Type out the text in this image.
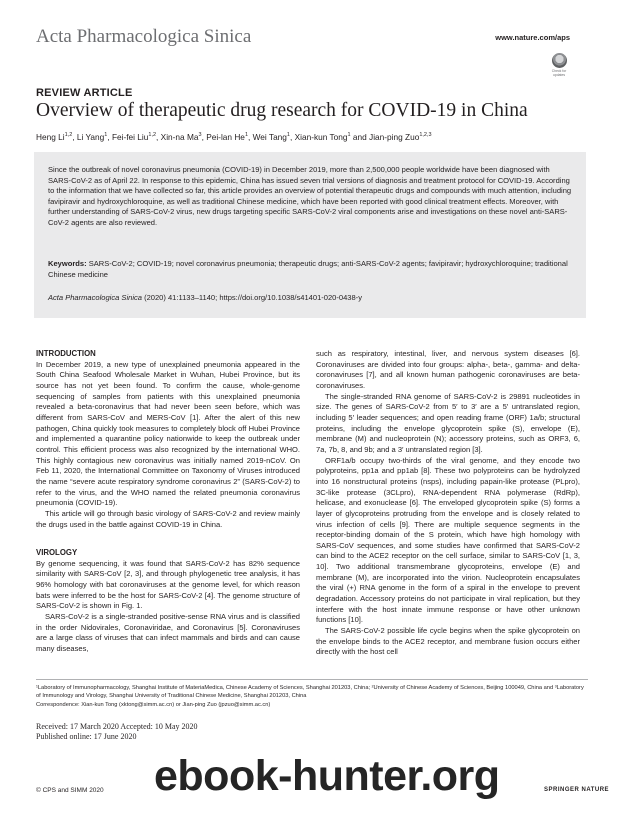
Acta Pharmacologica Sinica	www.nature.com/aps
Check for updates
REVIEW ARTICLE
Overview of therapeutic drug research for COVID-19 in China
Heng Li$^{1,2}$, Li Yang$^1$, Fei-fei Liu$^{1,2}$, Xin-na Ma$^3$, Pei-lan He$^1$, Wei Tang$^1$, Xian-kun Tong$^1$ and Jian-ping Zuo$^{1,2,3}$
Since the outbreak of novel coronavirus pneumonia (COVID-19) in December 2019, more than 2,500,000 people worldwide have been diagnosed with SARS-CoV-2 as of April 22. In response to this epidemic, China has issued seven trial versions of diagnosis and treatment protocol for COVID-19. According to the information that we have collected so far, this article provides an overview of potential therapeutic drugs and compounds with much attention, including favipiravir and hydroxychloroquine, as well as traditional Chinese medicine, which have been reported with good clinical treatment effects. Moreover, with further understanding of SARS-CoV-2 virus, new drugs targeting specific SARS-CoV-2 viral components arise and investigations on these novel anti-SARS-CoV-2 agents are also reviewed.
Keywords: SARS-CoV-2; COVID-19; novel coronavirus pneumonia; therapeutic drugs; anti-SARS-CoV-2 agents; favipiravir; hydroxychloroquine; traditional Chinese medicine
Acta Pharmacologica Sinica (2020) 41:1133–1140; https://doi.org/10.1038/s41401-020-0438-y
INTRODUCTION

In December 2019, a new type of unexplained pneumonia appeared in the South China Seafood Wholesale Market in Wuhan, Hubei Province, but its source has not yet been found. To confirm the cause, whole-genome sequencing of samples from patients with this unexplained pneumonia revealed a beta-coronavirus that had never been seen before, which was different from SARS-CoV and MERS-CoV [1]. After the alert of this new pathogen, China quickly took measures to completely block off Hubei Province and implemented a quarantine policy nationwide to keep the outbreak under control. This efficient process was also recognized by the international WHO. This highly contagious new coronavirus was initially named 2019-nCoV. On Feb 11, 2020, the International Committee on Taxonomy of Viruses introduced the name “severe acute respiratory syndrome coronavirus 2” (SARS-CoV-2) to refer to the virus, and the WHO named the related pneumonia coronavirus pneumonia (COVID-19).

This article will go through basic virology of SARS-CoV-2 and review mainly the drugs used in the battle against COVID-19 in China.

VIROLOGY

By genome sequencing, it was found that SARS-CoV-2 has 82% sequence similarity with SARS-CoV [2, 3], and through phylogenetic tree analysis, it has 96% homology with bat coronaviruses at the genome level, for which reason bats were inferred to be the host for SARS-CoV-2 [4]. The genome structure of SARS-CoV-2 is shown in Fig. 1.

SARS-CoV-2 is a single-stranded positive-sense RNA virus and is classified in the order Nidovirales, Coronaviridae, and Coronavirus [5]. Coronaviruses are a large class of viruses that can infect mammals and birds and can cause many diseases,

such as respiratory, intestinal, liver, and nervous system diseases [6]. Coronaviruses are divided into four groups: alpha-, beta-, gamma- and delta-coronaviruses [7], and all known human pathogenic coronaviruses are beta-coronaviruses.

The single-stranded RNA genome of SARS-CoV-2 is 29891 nucleotides in size. The genes of SARS-CoV-2 from 5′ to 3′ are a 5′ untranslated region, including 5′ leader sequences; and open reading frame (ORF) 1a/b; structural proteins, including the envelope glycoprotein spike (S), envelope (E), membrane (M) and nucleoprotein (N); accessory proteins, such as ORF3, 6, 7a, 7b, 8, and 9b; and a 3′ untranslated region [3].

ORF1a/b occupy two-thirds of the viral genome, and they encode two polyproteins, pp1a and pp1ab [8]. These two polyproteins can be hydrolyzed into 16 nonstructural proteins (nsps), including papain-like protease (PLpro), 3C-like protease (3CLpro), RNA-dependent RNA polymerase (RdRp), helicase, and exonuclease [6]. The enveloped glycoprotein spike (S) forms a layer of glycoproteins protruding from the envelope and is closely related to virus infection of cells [9]. There are multiple sequence segments in the receptor-binding domain of the S protein, which have high homology with SARS-CoV sequences, and some studies have confirmed that SARS-CoV-2 can bind to the ACE2 receptor on the cell surface, similar to SARS-CoV [1, 3, 10]. Two additional transmembrane glycoproteins, envelope (E) and membrane (M), are incorporated into the virion. Nucleoprotein encapsulates the viral (+) RNA genome in the form of a spiral in the envelope to prevent degradation. Accessory proteins do not participate in viral replication, but they interfere with the host innate immune response or have other unknown functions [10].

The SARS-CoV-2 possible life cycle begins when the spike glycoprotein on the envelope binds to the ACE2 receptor, and membrane fusion occurs either directly with the host cell

¹Laboratory of Immunopharmacology, Shanghai Institute of MateriaMedica, Chinese Academy of Sciences, Shanghai 201203, China; ²University of Chinese Academy of Sciences, Beijing 100049, China and ³Laboratory of Immunology and Virology, Shanghai University of Traditional Chinese Medicine, Shanghai 201203, China
Correspondence: Xian-kun Tong (xktong@simm.ac.cn) or Jian-ping Zuo (jpzuo@simm.ac.cn)
Received: 17 March 2020 Accepted: 10 May 2020
Published online: 17 June 2020
© CPS and SIMM 2020 ebook-hunter.org	SPRINGER NATURE
